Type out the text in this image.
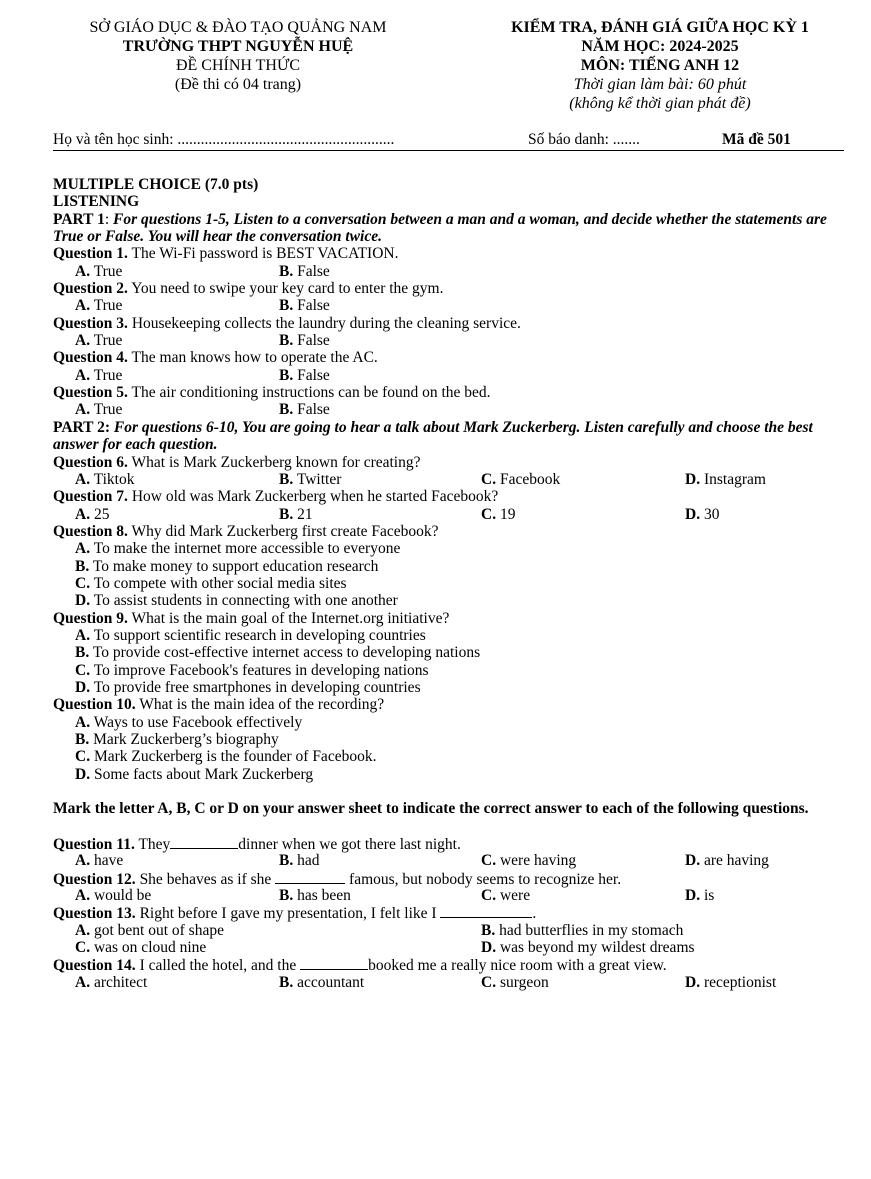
SỞ GIÁO DỤC & ĐÀO TẠO QUẢNG NAM
TRƯỜNG THPT NGUYỄN HUỆ
ĐỀ CHÍNH THỨC
(Đề thi có 04 trang)
KIỂM TRA, ĐÁNH GIÁ GIỮA HỌC KỲ 1
NĂM HỌC: 2024-2025
MÔN: TIẾNG ANH 12
Thời gian làm bài: 60 phút
(không kể thời gian phát đề)
Họ và tên học sinh: ........................................................	Số báo danh: .......	Mã đề 501
MULTIPLE CHOICE (7.0 pts)
LISTENING
PART 1: For questions 1-5, Listen to a conversation between a man and a woman, and decide whether the statements are True or False. You will hear the conversation twice.
Question 1. The Wi-Fi password is BEST VACATION.
A. True	B. False
Question 2. You need to swipe your key card to enter the gym.
A. True	B. False
Question 3. Housekeeping collects the laundry during the cleaning service.
A. True	B. False
Question 4. The man knows how to operate the AC.
A. True	B. False
Question 5. The air conditioning instructions can be found on the bed.
A. True	B. False
PART 2: For questions 6-10, You are going to hear a talk about Mark Zuckerberg. Listen carefully and choose the best answer for each question.
Question 6. What is Mark Zuckerberg known for creating?
A. Tiktok	B. Twitter	C. Facebook	D. Instagram
Question 7. How old was Mark Zuckerberg when he started Facebook?
A. 25	B. 21	C. 19	D. 30
Question 8. Why did Mark Zuckerberg first create Facebook?
A. To make the internet more accessible to everyone
B. To make money to support education research
C. To compete with other social media sites
D. To assist students in connecting with one another
Question 9. What is the main goal of the Internet.org initiative?
A. To support scientific research in developing countries
B. To provide cost-effective internet access to developing nations
C. To improve Facebook's features in developing nations
D. To provide free smartphones in developing countries
Question 10. What is the main idea of the recording?
A. Ways to use Facebook effectively
B. Mark Zuckerberg’s biography
C. Mark Zuckerberg is the founder of Facebook.
D. Some facts about Mark Zuckerberg
Mark the letter A, B, C or D on your answer sheet to indicate the correct answer to each of the following questions.
Question 11. They	dinner when we got there last night.
A. have	B. had	C. were having	D. are having
Question 12. She behaves as if she	famous, but nobody seems to recognize her.
A. would be	B. has been	C. were	D. is
Question 13. Right before I gave my presentation, I felt like I	.
A. got bent out of shape	B. had butterflies in my stomach
C. was on cloud nine	D. was beyond my wildest dreams
Question 14. I called the hotel, and the	booked me a really nice room with a great view.
A. architect	B. accountant	C. surgeon	D. receptionist
